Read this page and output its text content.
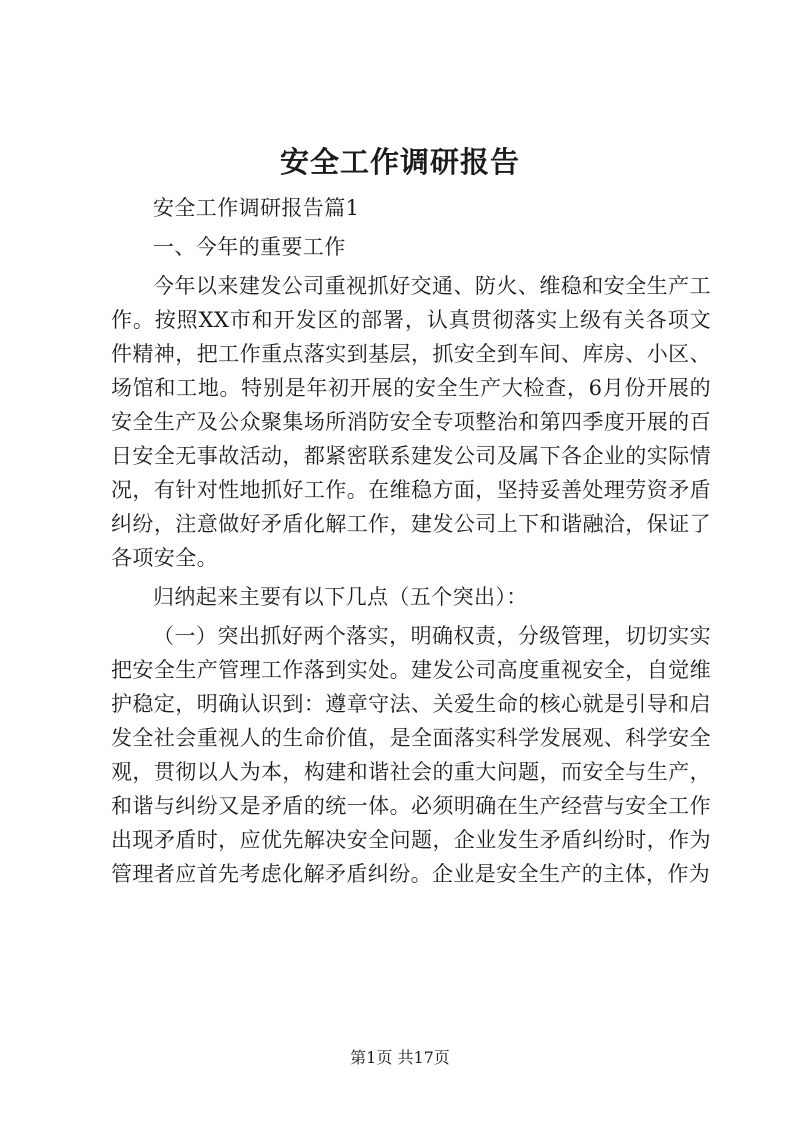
安全工作调研报告

安全工作调研报告篇1

一、今年的重要工作

今年以来建发公司重视抓好交通、防火、维稳和安全生产工作。按照XX市和开发区的部署，认真贯彻落实上级有关各项文件精神，把工作重点落实到基层，抓安全到车间、库房、小区、场馆和工地。特别是年初开展的安全生产大检查，6月份开展的安全生产及公众聚集场所消防安全专项整治和第四季度开展的百日安全无事故活动，都紧密联系建发公司及属下各企业的实际情况，有针对性地抓好工作。在维稳方面，坚持妥善处理劳资矛盾纠纷，注意做好矛盾化解工作，建发公司上下和谐融洽，保证了各项安全。

归纳起来主要有以下几点（五个突出）：

（一）突出抓好两个落实，明确权责，分级管理，切切实实把安全生产管理工作落到实处。建发公司高度重视安全，自觉维护稳定，明确认识到：遵章守法、关爱生命的核心就是引导和启发全社会重视人的生命价值，是全面落实科学发展观、科学安全观，贯彻以人为本，构建和谐社会的重大问题，而安全与生产，和谐与纠纷又是矛盾的统一体。必须明确在生产经营与安全工作出现矛盾时，应优先解决安全问题，企业发生矛盾纠纷时，作为管理者应首先考虑化解矛盾纠纷。企业是安全生产的主体，作为

第1页 共17页
